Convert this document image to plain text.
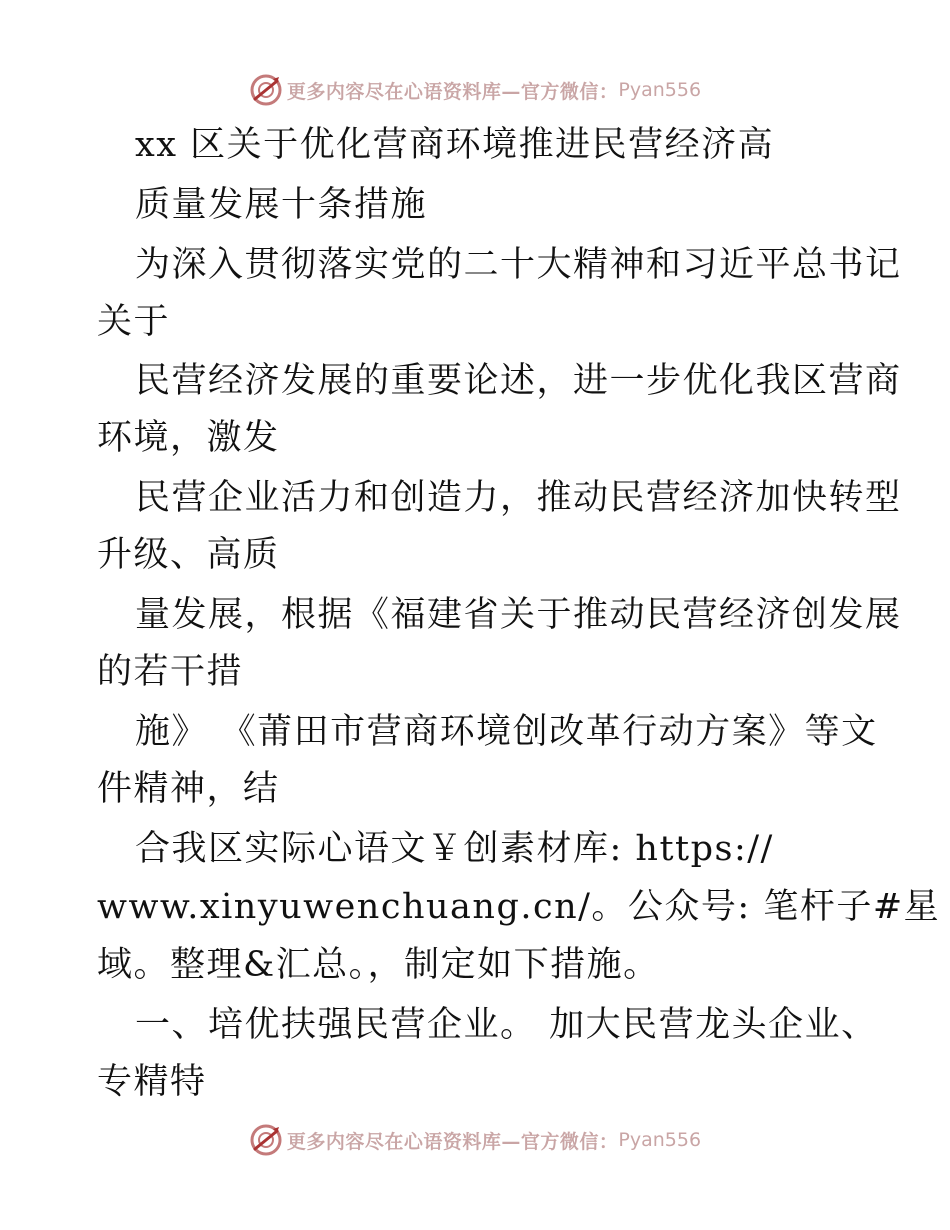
更多内容尽在心语资料库—官方微信： Pyan556
xx 区关于优化营商环境推进民营经济高
质量发展十条措施
为深入贯彻落实党的二十大精神和习近平总书记
关于
民营经济发展的重要论述，进一步优化我区营商
环境，激发
民营企业活力和创造力，推动民营经济加快转型
升级、高质
量发展，根据《福建省关于推动民营经济创发展
的若干措
施》 《莆田市营商环境创改革行动方案》等文
件精神，结
合我区实际心语文￥创素材库: https://
www.xinyuwenchuang.cn/。公众号: 笔杆子#星
域。整理&汇总。，制定如下措施。
一、培优扶强民营企业。 加大民营龙头企业、
专精特
更多内容尽在心语资料库—官方微信： Pyan556
